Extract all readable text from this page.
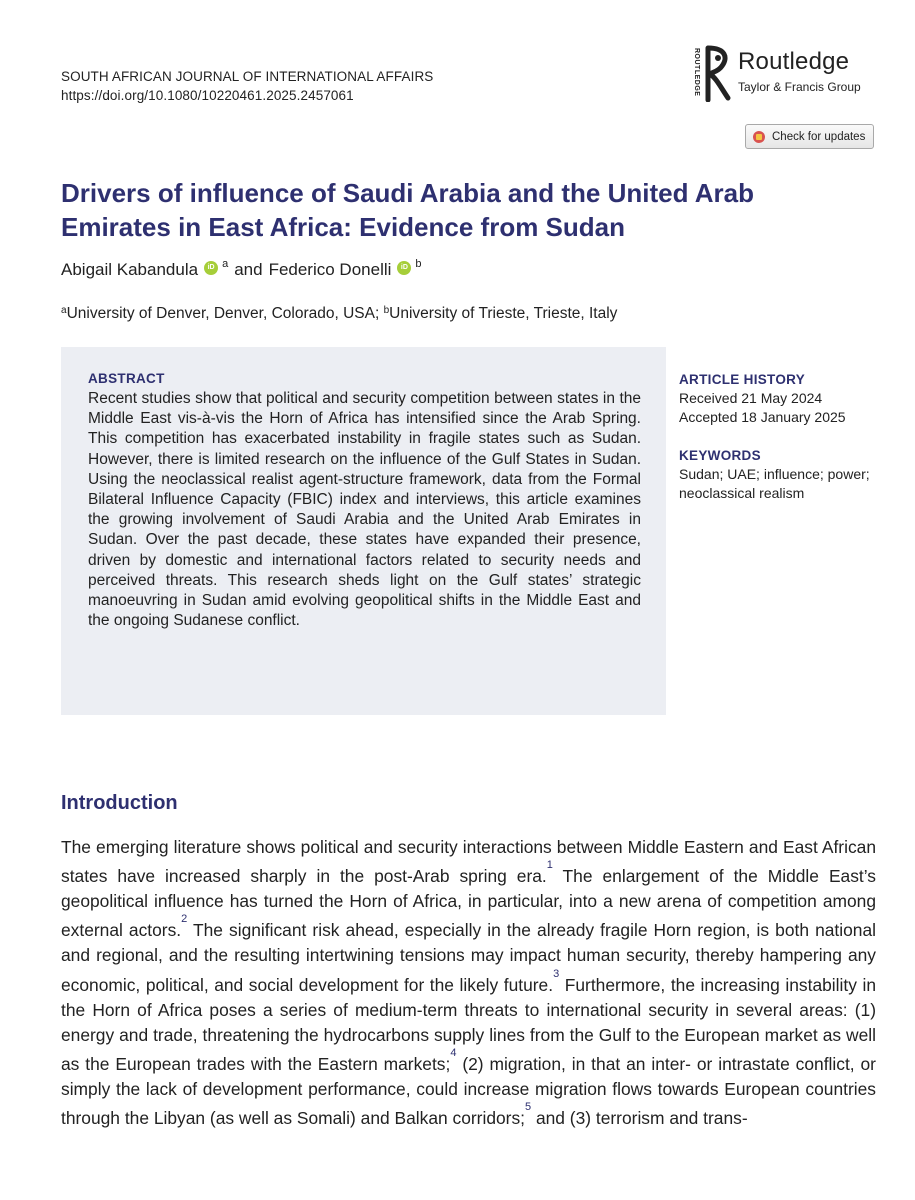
SOUTH AFRICAN JOURNAL OF INTERNATIONAL AFFAIRS
https://doi.org/10.1080/10220461.2025.2457061	ROUTLEDGE Routledge
Taylor & Francis Group
Check for updates
Drivers of influence of Saudi Arabia and the United Arab Emirates in East Africa: Evidence from Sudan
Abigail Kabandula	iD a and Federico Donelli	iD b
$^a$University of Denver, Denver, Colorado, USA; $^b$University of Trieste, Trieste, Italy
ABSTRACT

Recent studies show that political and security competition between states in the Middle East vis-à-vis the Horn of Africa has intensified since the Arab Spring. This competition has exacerbated instability in fragile states such as Sudan. However, there is limited research on the influence of the Gulf States in Sudan. Using the neoclassical realist agent-structure framework, data from the Formal Bilateral Influence Capacity (FBIC) index and interviews, this article examines the growing involvement of Saudi Arabia and the United Arab Emirates in Sudan. Over the past decade, these states have expanded their presence, driven by domestic and international factors related to security needs and perceived threats. This research sheds light on the Gulf states’ strategic manoeuvring in Sudan amid evolving geopolitical shifts in the Middle East and the ongoing Sudanese conflict.

ARTICLE HISTORY
Received 21 May 2024
Accepted 18 January 2025
KEYWORDS
Sudan; UAE; influence; power; neoclassical realism
Introduction

The emerging literature shows political and security interactions between Middle Eastern and East African states have increased sharply in the post-Arab spring era.$^1$ The enlargement of the Middle East’s geopolitical influence has turned the Horn of Africa, in particular, into a new arena of competition among external actors.$^2$ The significant risk ahead, especially in the already fragile Horn region, is both national and regional, and the resulting intertwining tensions may impact human security, thereby hampering any economic, political, and social development for the likely future.$^3$ Furthermore, the increasing instability in the Horn of Africa poses a series of medium-term threats to international security in several areas: (1) energy and trade, threatening the hydrocarbons supply lines from the Gulf to the European market as well as the European trades with the Eastern markets;$^4$ (2) migration, in that an inter- or intrastate conflict, or simply the lack of development performance, could increase migration flows towards European countries through the Libyan (as well as Somali) and Balkan corridors;$^5$ and (3) terrorism and trans-
